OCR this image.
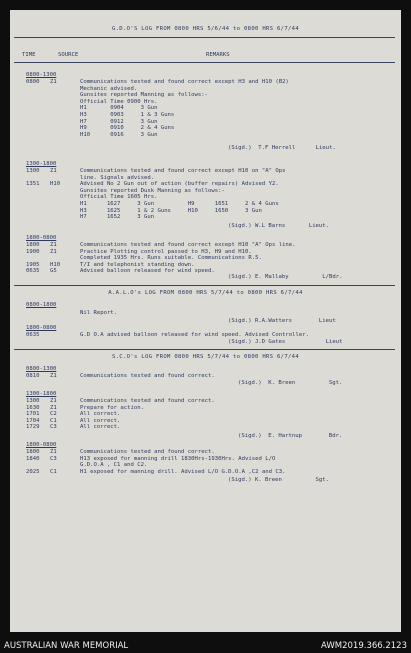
G.D.O'S LOG FROM 0800 HRS 5/6/44 to 0800 HRS 6/7/44
TIME	SOURCE	REMARKS
0800-1300
0800	Z1	Communications tested and found correct except H3 and H10 (B2)
Mechanic advised.
Gunsites reported Manning as follows:-
Official Time 0900 Hrs.
H1       0904     3 Gun
H3       0903     1 & 3 Guns
H7       0912     3 Gun
H9       0910     2 & 4 Guns
H10      0916     3 Gun
(Sigd.)  T.F Herrell      Lieut.
1300-1800
1300	Z1	Communications tested and found correct except H10 on "A" Ops
line. Signals advised.
1351	H10	Advised No 2 Gun out of action (buffer repairs) Advised Y2.
Gunsites reported Dusk Manning as follows:-
Official Time 1605 Hrs.
H1      1627     3 Gun          H9      1651     2 & 4 Guns
H3      1625     1 & 2 Guns     H10     1650     3 Gun
H7      1652     3 Gun
(Sigd.) W.L Barns       Lieut.
1800-0800
1800	Z1	Communications tested and found correct except H10 "A" Ops line.
1900	Z1	Practice Plotting control passed to H3, H9 and H10.
Completed 1935 Hrs. Runs suitable. Communications R.5.
1905	H10	T/I and telephonist standing down.
0635	G5	Advised balloon released for wind speed.
(Sigd.) E. Mallaby          L/Bdr.
A.A.L.O's LOG FROM 0800 HRS 5/7/44 to 0800 HRS 6/7/44
0800-1800
Nil Report.
(Sigd.) R.A.Watters        Lieut
1800-0800
0635	G.D O.A advised balloon released for wind speed. Advised Controller.
(Sigd.) J.D Gates            Lieut
S.C.O's LOG FROM 0800 HRS 5/7/44 to 0800 HRS 6/7/44
0800-1300
0810	Z1	Communications tested and found correct.
(Sigd.)  K. Breen          Sgt.
1300-1800
1300	Z1	Communications tested and found correct.
1630	Z1	Prepare for action.
1701	C2	All correct.
1704	C1	All correct.
1729	C3	All correct.
(Sigd.)  E. Hartnup        Bdr.
1800-0800
1800	Z1	Communications tested and found correct.
1840	C3	H13 exposed for manning drill 1830Hrs-1930Hrs. Advised L/O
G.D.O.A , C1 and C2.
2025	C1	H1 exposed for manning drill. Advised L/O G.D.O.A ,C2 and C3.
(Sigd.) K. Breen          Sgt.
AUSTRALIAN WAR MEMORIAL	AWM2019.366.2123
